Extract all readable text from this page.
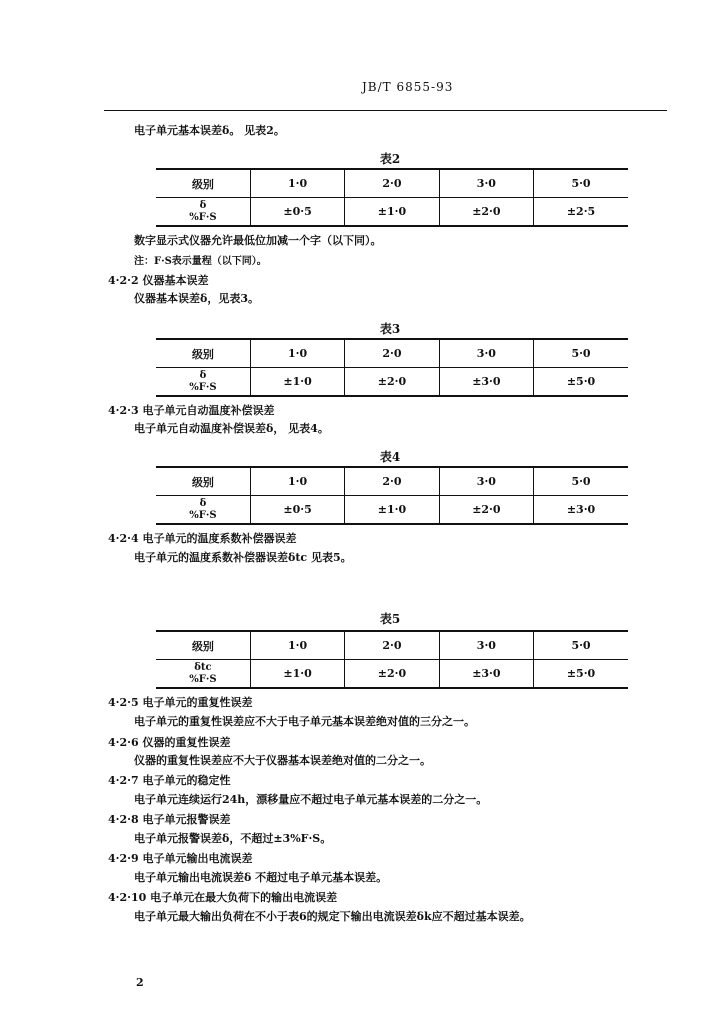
JB/T 6855-93
电子单元基本误差δ。 见表2。
表2
级别	1·0	2·0	3·0	5·0
δ
%F·S	±0·5	±1·0	±2·0	±2·5
数字显示式仪器允许最低位加减一个字（以下同）。
注：F·S表示量程（以下同）。
4·2·2 仪器基本误差
仪器基本误差δ，见表3。
表3
级别	1·0	2·0	3·0	5·0
δ
%F·S	±1·0	±2·0	±3·0	±5·0
4·2·3 电子单元自动温度补偿误差
电子单元自动温度补偿误差δ， 见表4。
表4
级别	1·0	2·0	3·0	5·0
δ
%F·S	±0·5	±1·0	±2·0	±3·0
4·2·4 电子单元的温度系数补偿器误差
电子单元的温度系数补偿器误差δtc 见表5。
表5
级别	1·0	2·0	3·0	5·0
δtc
%F·S	±1·0	±2·0	±3·0	±5·0
4·2·5 电子单元的重复性误差
电子单元的重复性误差应不大于电子单元基本误差绝对值的三分之一。
4·2·6 仪器的重复性误差
仪器的重复性误差应不大于仪器基本误差绝对值的二分之一。
4·2·7 电子单元的稳定性
电子单元连续运行24h，漂移量应不超过电子单元基本误差的二分之一。
4·2·8 电子单元报警误差
电子单元报警误差δ，不超过±3%F·S。
4·2·9 电子单元输出电流误差
电子单元输出电流误差δ 不超过电子单元基本误差。
4·2·10 电子单元在最大负荷下的输出电流误差
电子单元最大输出负荷在不小于表6的规定下输出电流误差δk应不超过基本误差。
2
